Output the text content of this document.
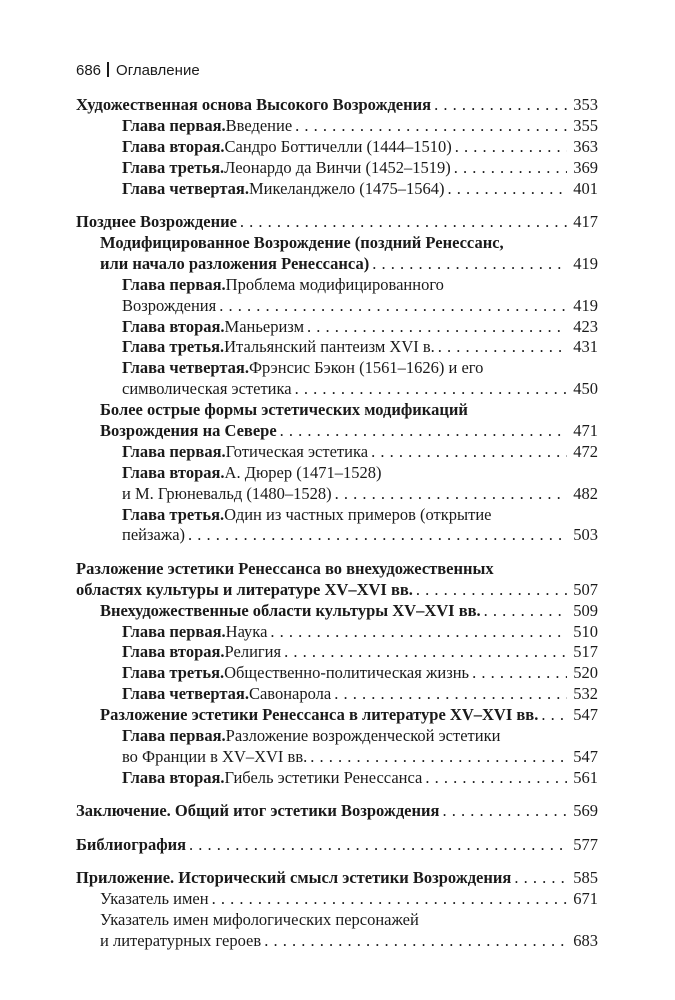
686 Оглавление
Художественная основа Высокого Возрождения . . .	353
Глава первая. Введение . . .	355
Глава вторая. Сандро Боттичелли (1444–1510) . . .	363
Глава третья. Леонардо да Винчи (1452–1519) . . .	369
Глава четвертая. Микеланджело (1475–1564) . . .	401
Позднее Возрождение . . .	417
Модифицированное Возрождение (поздний Ренессанс,
или начало разложения Ренессанса) . . .	419
Глава первая. Проблема модифицированного
Возрождения . . .	419
Глава вторая. Маньеризм . . .	423
Глава третья. Итальянский пантеизм XVI в. . . .	431
Глава четвертая. Фрэнсис Бэкон (1561–1626) и его
символическая эстетика . . .	450
Более острые формы эстетических модификаций
Возрождения на Севере . . .	471
Глава первая. Готическая эстетика . . .	472
Глава вторая. А. Дюрер (1471–1528)
и М. Грюневальд (1480–1528) . . .	482
Глава третья. Один из частных примеров (открытие
пейзажа) . . .	503
Разложение эстетики Ренессанса во внехудожественных
областях культуры и литературе XV–XVI вв. . . .	507
Внехудожественные области культуры XV–XVI вв. . . .	509
Глава первая. Наука . . .	510
Глава вторая. Религия . . .	517
Глава третья. Общественно-политическая жизнь . . .	520
Глава четвертая. Савонарола . . .	532
Разложение эстетики Ренессанса в литературе XV–XVI вв. . . . 547
Глава первая. Разложение возрожденческой эстетики
во Франции в XV–XVI вв. . . .	547
Глава вторая. Гибель эстетики Ренессанса . . .	561
Заключение. Общий итог эстетики Возрождения . . .	569
Библиография . . .	577
Приложение. Исторический смысл эстетики Возрождения . . .	585
Указатель имен . . .	671
Указатель имен мифологических персонажей
и литературных героев . . .	683
